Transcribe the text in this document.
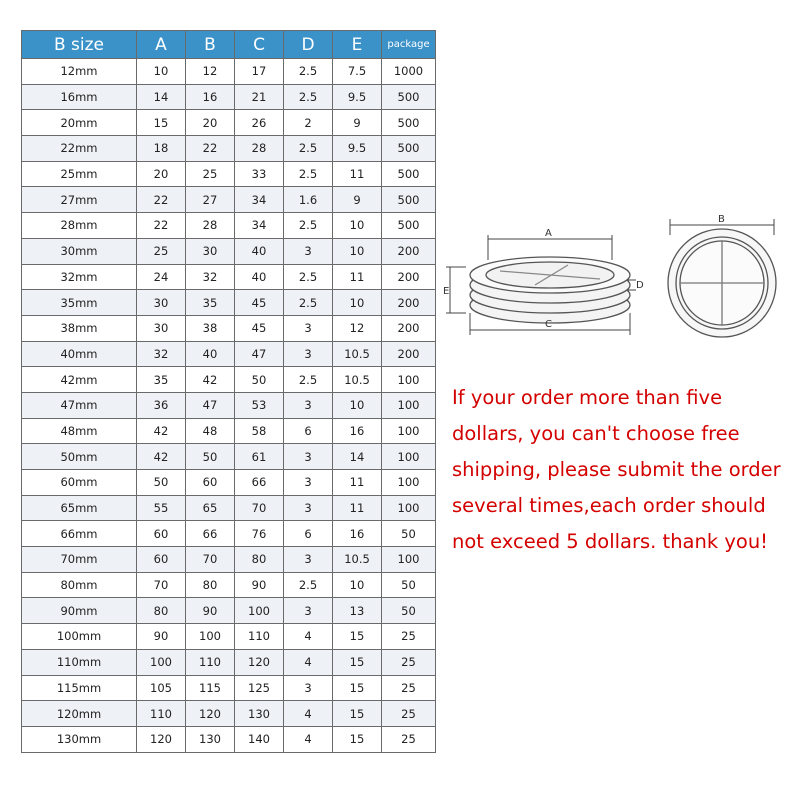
B size	A	B	C	D	E	package
12mm	10	12	17	2.5	7.5	1000
16mm	14	16	21	2.5	9.5	500
20mm	15	20	26	2	9	500
22mm	18	22	28	2.5	9.5	500
25mm	20	25	33	2.5	11	500
27mm	22	27	34	1.6	9	500
28mm	22	28	34	2.5	10	500
30mm	25	30	40	3	10	200
32mm	24	32	40	2.5	11	200
35mm	30	35	45	2.5	10	200
38mm	30	38	45	3	12	200
40mm	32	40	47	3	10.5	200
42mm	35	42	50	2.5	10.5	100
47mm	36	47	53	3	10	100
48mm	42	48	58	6	16	100
50mm	42	50	61	3	14	100
60mm	50	60	66	3	11	100
65mm	55	65	70	3	11	100
66mm	60	66	76	6	16	50
70mm	60	70	80	3	10.5	100
80mm	70	80	90	2.5	10	50
90mm	80	90	100	3	13	50
100mm	90	100	110	4	15	25
110mm	100	110	120	4	15	25
115mm	105	115	125	3	15	25
120mm	110	120	130	4	15	25
130mm	120	130	140	4	15	25
A
C
E
D
B
If your order more than five
dollars, you can't choose free
shipping, please submit the order
several times,each order should
not exceed 5 dollars. thank you!
